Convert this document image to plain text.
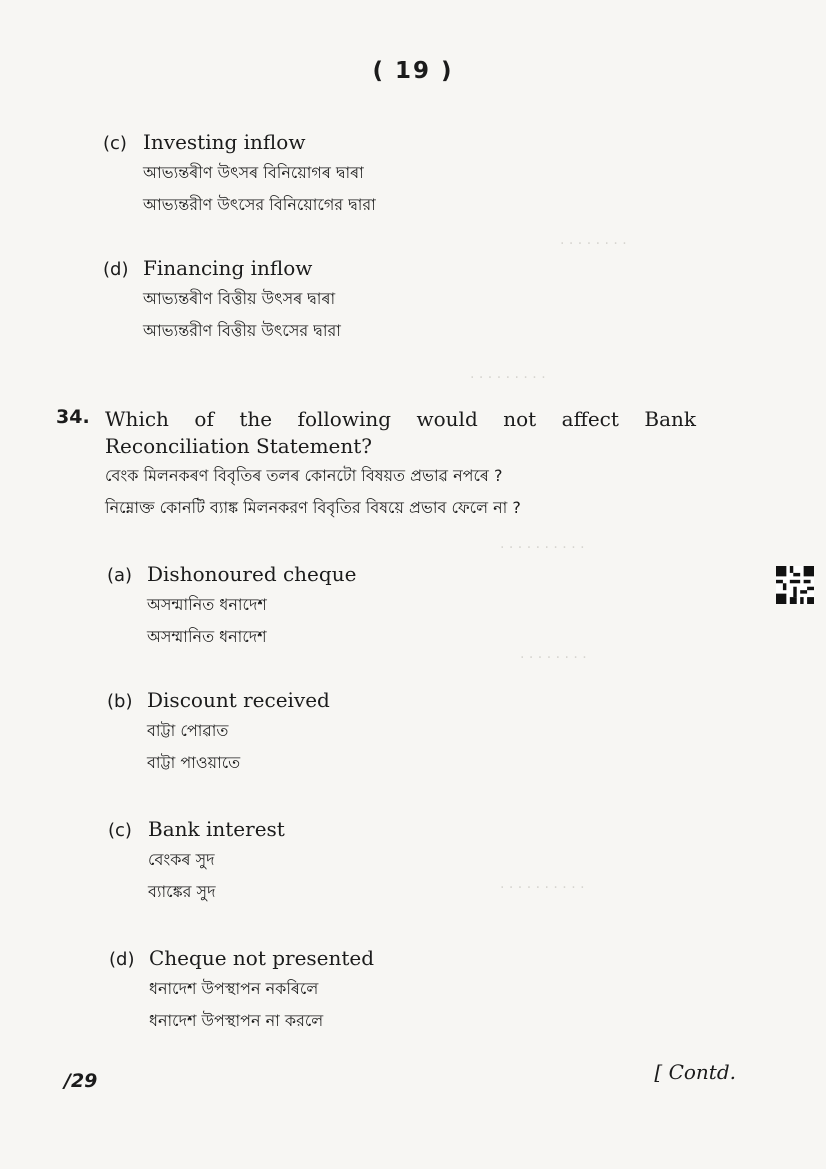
( 19 )
· · · · · · · ·
· · · · · · · · ·
· · · · · · · · · ·
· · · · · · · ·
· · · · · · · · · ·
(c) Investing inflow
আভ্যন্তৰীণ উৎসৰ বিনিয়োগৰ দ্বাৰা
আভ্যন্তরীণ উৎসের বিনিয়োগের দ্বারা
(d) Financing inflow
আভ্যন্তৰীণ বিত্তীয় উৎসৰ দ্বাৰা
আভ্যন্তরীণ বিত্তীয় উৎসের দ্বারা
34. Which of the following would not affect Bank
Reconciliation Statement?
বেংক মিলনকৰণ বিবৃতিৰ তলৰ কোনটো বিষয়ত প্ৰভাৱ নপৰে ?
নিম্নোক্ত কোনটি ব্যাঙ্ক মিলনকরণ বিবৃতির বিষয়ে প্রভাব ফেলে না ?
(a) Dishonoured cheque
অসন্মানিত ধনাদেশ
অসম্মানিত ধনাদেশ
(b) Discount received
বাট্টা পোৱাত
বাট্টা পাওয়াতে
(c) Bank interest
বেংকৰ সুদ
ব্যাঙ্কের সুদ
(d) Cheque not presented
ধনাদেশ উপস্থাপন নকৰিলে
ধনাদেশ উপস্থাপন না করলে
/29	[ Contd.
